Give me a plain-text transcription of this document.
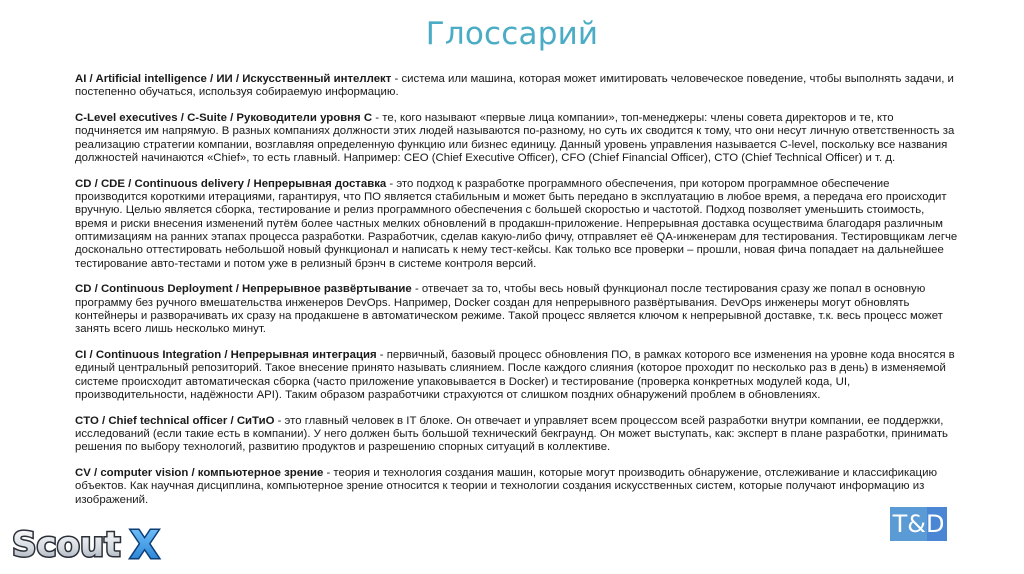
Глоссарий

AI / Artificial intelligence / ИИ / Искусственный интеллект - система или машина, которая может имитировать человеческое поведение, чтобы выполнять задачи, и постепенно обучаться, используя собираемую информацию.

C-Level executives / C-Suite / Руководители уровня С - те, кого называют «первые лица компании», топ-менеджеры: члены совета директоров и те, кто подчиняется им напрямую. В разных компаниях должности этих людей называются по-разному, но суть их сводится к тому, что они несут личную ответственность за реализацию стратегии компании, возглавляя определенную функцию или бизнес единицу. Данный уровень управления называется C-level, поскольку все названия должностей начинаются «Chief», то есть главный. Например: CEO (Chief Executive Officer), CFO (Chief Financial Officer), CTO (Chief Technical Officer) и т. д.

CD / CDE / Continuous delivery / Непрерывная доставка - это подход к разработке программного обеспечения, при котором программное обеспечение производится короткими итерациями, гарантируя, что ПО является стабильным и может быть передано в эксплуатацию в любое время, а передача его происходит вручную. Целью является сборка, тестирование и релиз программного обеспечения с большей скоростью и частотой. Подход позволяет уменьшить стоимость, время и риски внесения изменений путём более частных мелких обновлений в продакшн-приложение. Непрерывная доставка осуществима благодаря различным оптимизациям на ранних этапах процесса разработки. Разработчик, сделав какую-либо фичу, отправляет её QA-инженерам для тестирования. Тестировщикам легче досконально оттестировать небольшой новый функционал и написать к нему тест-кейсы. Как только все проверки – прошли, новая фича попадает на дальнейшее тестирование авто-тестами и потом уже в релизный брэнч в системе контроля версий.

CD / Continuous Deployment / Непрерывное развёртывание - отвечает за то, чтобы весь новый функционал после тестирования сразу же попал в основную программу без ручного вмешательства инженеров DevOps. Например, Docker создан для непрерывного развёртывания. DevOps инженеры могут обновлять контейнеры и разворачивать их сразу на продакшене в автоматическом режиме. Такой процесс является ключом к непрерывной доставке, т.к. весь процесс может занять всего лишь несколько минут.

CI / Continuous Integration / Непрерывная интеграция - первичный, базовый процесс обновления ПО, в рамках которого все изменения на уровне кода вносятся в единый центральный репозиторий. Такое внесение принято называть слиянием. После каждого слияния (которое проходит по несколько раз в день) в изменяемой системе происходит автоматическая сборка (часто приложение упаковывается в Docker) и тестирование (проверка конкретных модулей кода, UI, производительности, надёжности API). Таким образом разработчики страхуются от слишком поздних обнаружений проблем в обновлениях.

CTO / Chief technical officer / СиТиО - это главный человек в IT блоке. Он отвечает и управляет всем процессом всей разработки внутри компании, ее поддержки, исследований (если такие есть в компании). У него должен быть большой технический бекграунд. Он может выступать, как: эксперт в плане разработки, принимать решения по выбору технологий, развитию продуктов и разрешению спорных ситуаций в коллективе.

CV / computer vision / компьютерное зрение - теория и технология создания машин, которые могут производить обнаружение, отслеживание и классификацию объектов. Как научная дисциплина, компьютерное зрение относится к теории и технологии создания искусственных систем, которые получают информацию из изображений.

Scout X	T&D
